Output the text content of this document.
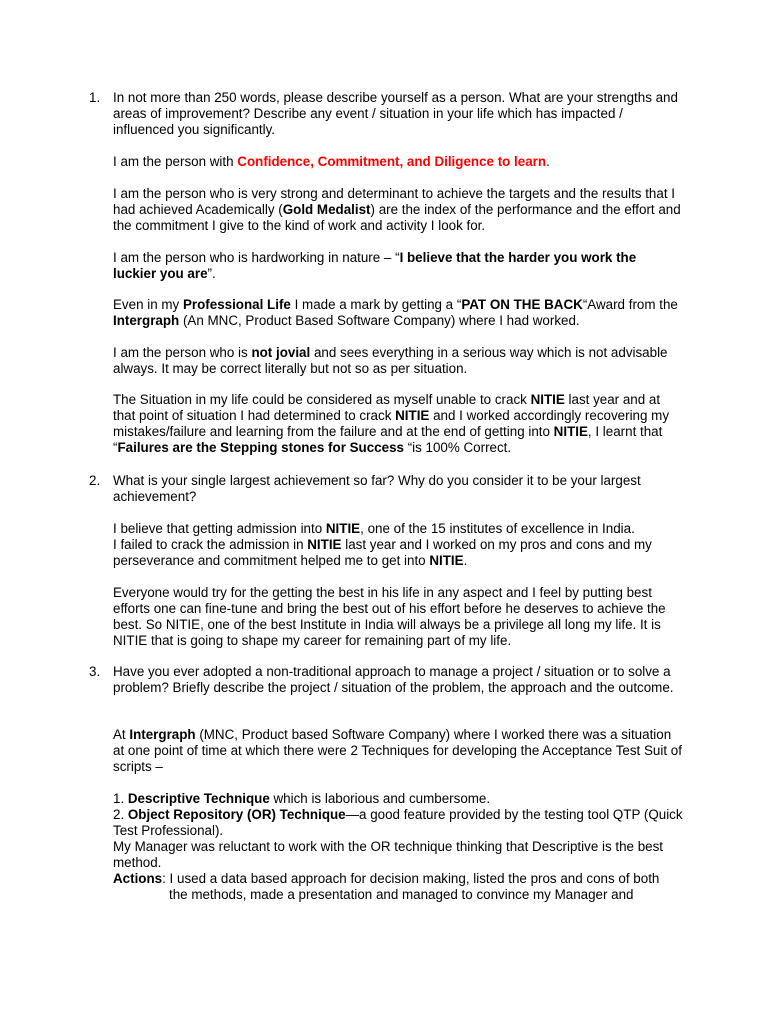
1. In not more than 250 words, please describe yourself as a person. What are your strengths and areas of improvement? Describe any event / situation in your life which has impacted / influenced you significantly.
I am the person with Confidence, Commitment, and Diligence to learn.
I am the person who is very strong and determinant to achieve the targets and the results that I had achieved Academically (Gold Medalist) are the index of the performance and the effort and the commitment I give to the kind of work and activity I look for.
I am the person who is hardworking in nature – “I believe that the harder you work the luckier you are”.
Even in my Professional Life I made a mark by getting a “PAT ON THE BACK“Award from the Intergraph (An MNC, Product Based Software Company) where I had worked.
I am the person who is not jovial and sees everything in a serious way which is not advisable always. It may be correct literally but not so as per situation.
The Situation in my life could be considered as myself unable to crack NITIE last year and at that point of situation I had determined to crack NITIE and I worked accordingly recovering my mistakes/failure and learning from the failure and at the end of getting into NITIE, I learnt that “Failures are the Stepping stones for Success “is 100% Correct.
2. What is your single largest achievement so far? Why do you consider it to be your largest achievement?
I believe that getting admission into NITIE, one of the 15 institutes of excellence in India.
I failed to crack the admission in NITIE last year and I worked on my pros and cons and my perseverance and commitment helped me to get into NITIE.
Everyone would try for the getting the best in his life in any aspect and I feel by putting best efforts one can fine-tune and bring the best out of his effort before he deserves to achieve the best. So NITIE, one of the best Institute in India will always be a privilege all long my life. It is NITIE that is going to shape my career for remaining part of my life.
3. Have you ever adopted a non-traditional approach to manage a project / situation or to solve a problem? Briefly describe the project / situation of the problem, the approach and the outcome.
At Intergraph (MNC, Product based Software Company) where I worked there was a situation at one point of time at which there were 2 Techniques for developing the Acceptance Test Suit of scripts –
1. Descriptive Technique which is laborious and cumbersome.
2. Object Repository (OR) Technique—a good feature provided by the testing tool QTP (Quick Test Professional).
My Manager was reluctant to work with the OR technique thinking that Descriptive is the best method.
Actions: I used a data based approach for decision making, listed the pros and cons of both
the methods, made a presentation and managed to convince my Manager and
